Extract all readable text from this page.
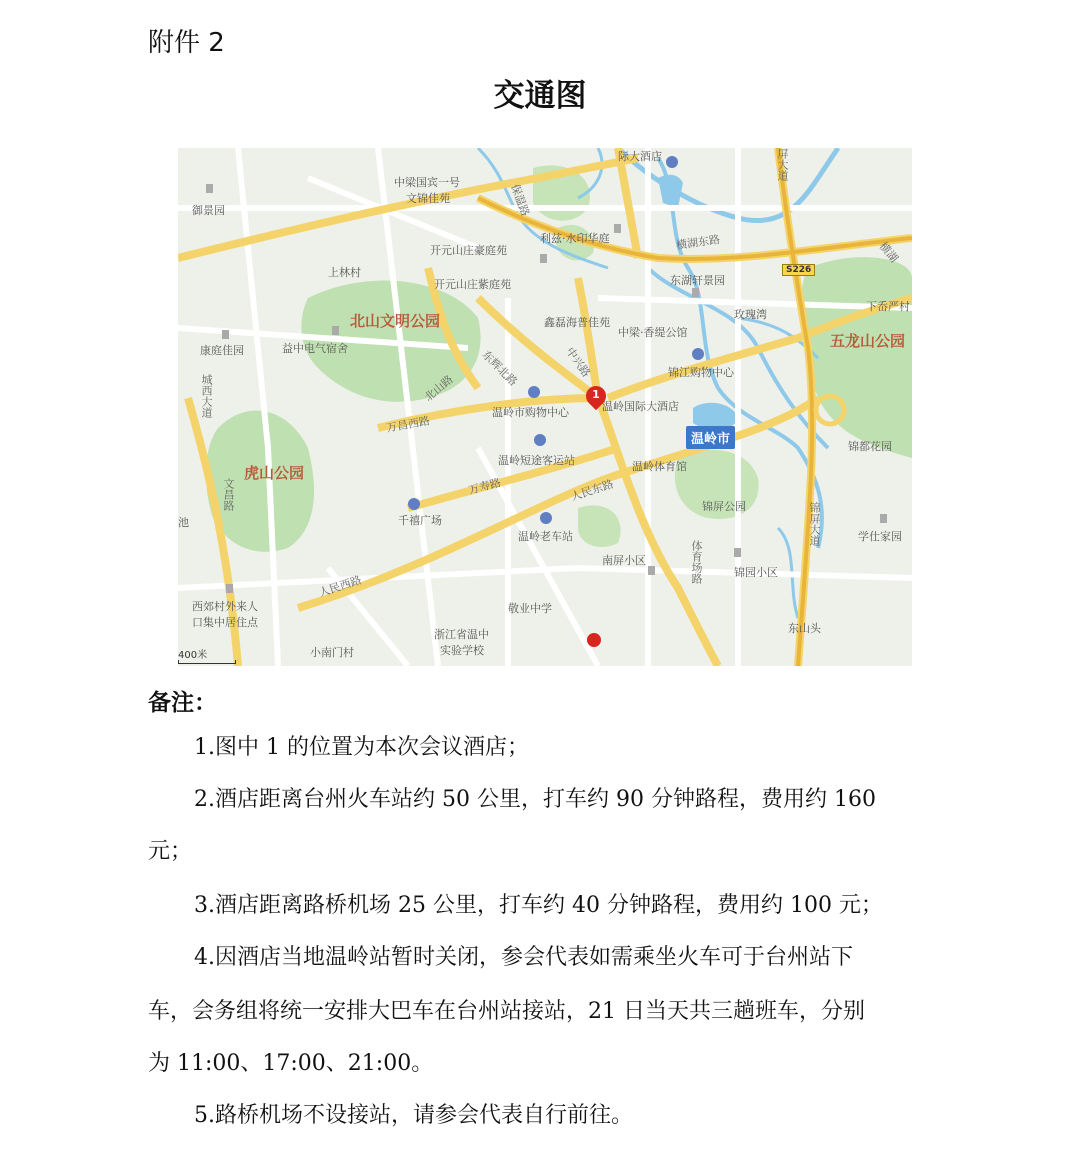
附件 2
交通图
北山文明公园
虎山公园
五龙山公园
中梁国宾一号
文锦佳苑
御景园
利兹·水印华庭
开元山庄豪庭苑
开元山庄紫庭苑
上林村
鑫磊海普佳苑
中梁·香缇公馆
东湖轩景园
玫瑰湾
康庭佳园	益中电气宿舍
锦江购物中心
温岭国际大酒店
温岭市购物中心
温岭短途客运站	温岭体育馆
锦屏公园
锦都花园
千禧广场
温岭老车站
南屏小区
锦园小区
学仕家园
西郊村外来人
口集中居住点
敬业中学
浙江省温中
实验学校
小南门村
东山头
下岙严村
际大酒店
池
横湖东路
保温路
东辉北路	中兴路
万昌西路
万寿路	人民东路
人民西路
城西大道
锦屏大道
体育场路
横湖
屏大道
文昌路
北山路
温岭市
S226
1
400米
备注：
1.图中 1 的位置为本次会议酒店；
2.酒店距离台州火车站约 50 公里，打车约 90 分钟路程，费用约 160
元；
3.酒店距离路桥机场 25 公里，打车约 40 分钟路程，费用约 100 元；
4.因酒店当地温岭站暂时关闭，参会代表如需乘坐火车可于台州站下
车，会务组将统一安排大巴车在台州站接站，21 日当天共三趟班车，分别
为 11:00、17:00、21:00。
5.路桥机场不设接站，请参会代表自行前往。
